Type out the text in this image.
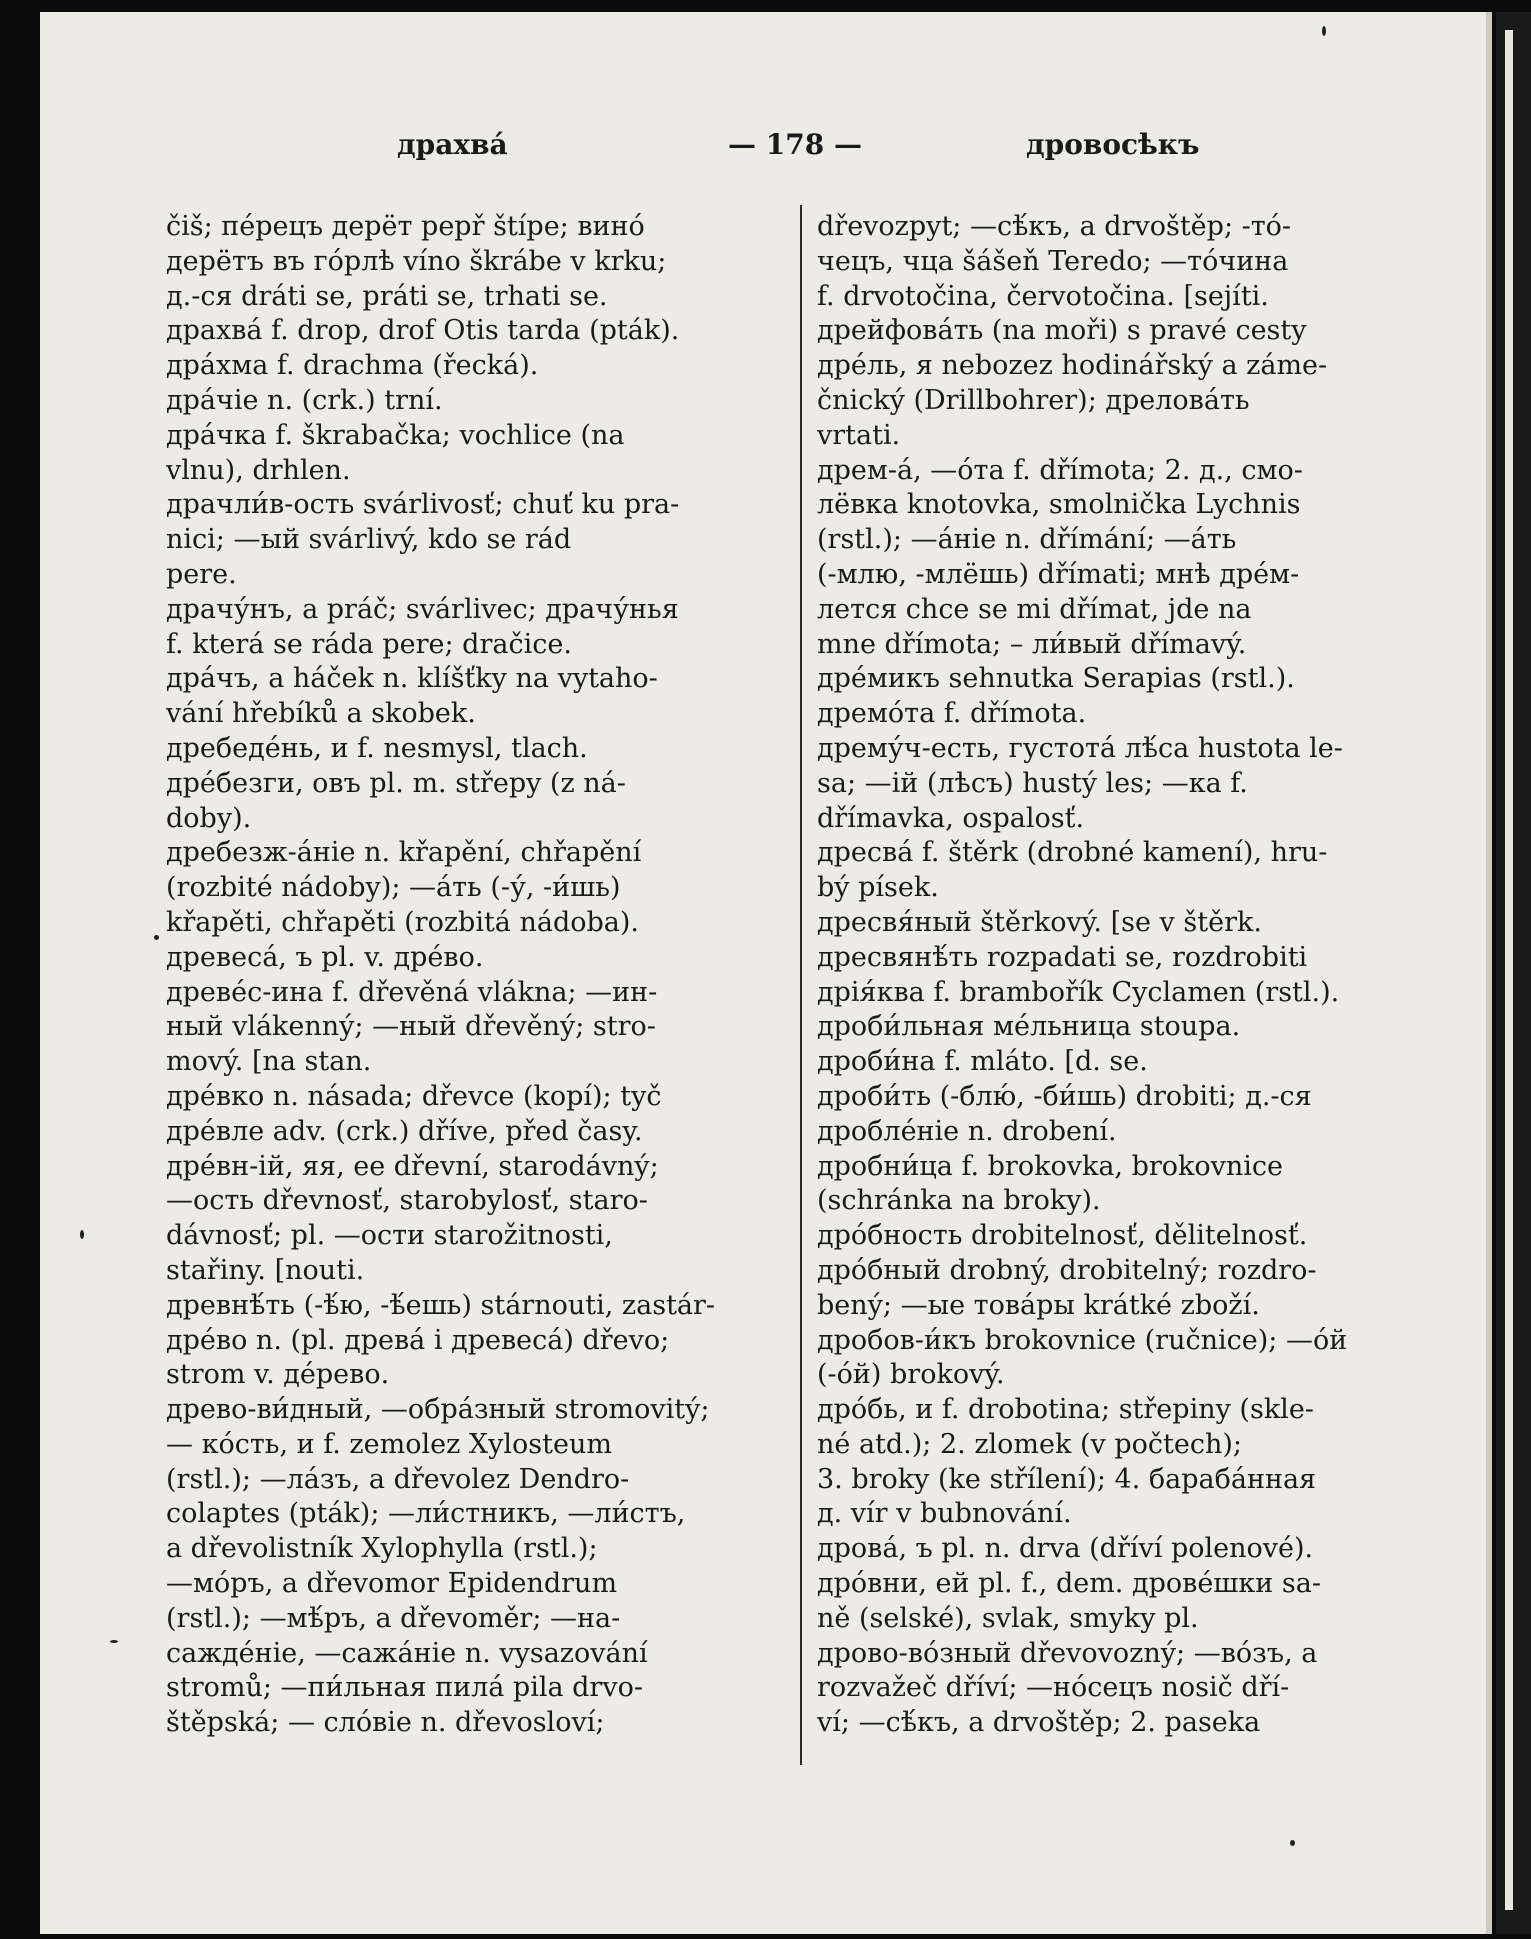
драхвá	— 178 —	дровосѣкъ
čiš; пе́рецъ дерёт pepř štípe; вино́
дерётъ въ го́рлѣ víno škrábe v krku;
д.-ся dráti se, práti se, trhati se.
драхва́ f. drop, drof Otis tarda (pták).
дра́хма f. drachma (řecká).
дра́чіе n. (crk.) trní.
дра́чка f. škrabačka; vochlice (na
vlnu), drhlen.
драчли́в-ость svárlivosť; chuť ku pra-
nici; —ый svárlivý, kdo se rád
pere.
драчу́нъ, a práč; svárlivec; драчу́нья
f. která se ráda pere; dračice.
дра́чъ, a háček n. klíšťky na vytaho-
vání hřebíků a skobek.
дребеде́нь, и f. nesmysl, tlach.
дре́безги, овъ pl. m. střepy (z ná-
doby).
дребезж-а́ніе n. křapění, chřapění
(rozbité nádoby); —а́ть (-у́, -и́шь)
křapěti, chřapěti (rozbitá nádoba).
древеса́, ъ pl. v. дре́во.
древе́с-ина f. dřevěná vlákna; —ин-
ный vlákenný; —ный dřevěný; stro-
mový. [na stan.
дре́вко n. násada; dřevce (kopí); tyč
дре́вле adv. (crk.) dříve, před časy.
дре́вн-ій, яя, ее dřevní, starodávný;
—ость dřevnosť, starobylosť, staro-
dávnosť; pl. —ости starožitnosti,
stařiny. [nouti.
древнѣ́ть (-ѣ́ю, -ѣ́ешь) stárnouti, zastár-
дре́во n. (pl. древа́ i древеса́) dřevo;
strom v. де́рево.
древо-ви́дный, —обра́зный stromovitý;
— ко́сть, и f. zemolez Xylosteum
(rstl.); —ла́зъ, a dřevolez Dendro-
colaptes (pták); —ли́стникъ, —ли́стъ,
a dřevolistník Xylophylla (rstl.);
—мо́ръ, a dřevomor Epidendrum
(rstl.); —мѣ́ръ, a dřevoměr; —на-
сажде́ніе, —сажа́ніе n. vysazování
stromů; —пи́льная пила́ pila drvo-
štěpská; — сло́віе n. dřevosloví;
dřevozpyt; —сѣ́къ, a drvoštěp; -то́-
чецъ, чца šášeň Teredo; —то́чина
f. drvotočina, červotočina. [sejíti.
дрейфова́ть (na moři) s pravé cesty
дре́ль, я nebozez hodinářský a záme-
čnický (Drillbohrer); дрелова́ть
vrtati.
дрем-а́, —о́та f. dřímota; 2. д., смо-
лёвка knotovka, smolnička Lychnis
(rstl.); —а́ніе n. dřímání; —а́ть
(-млю, -млёшь) dřímati; мнѣ дре́м-
лется chce se mi dřímat, jde na
mne dřímota; – ли́вый dřímavý.
дре́микъ sehnutka Serapias (rstl.).
дремо́та f. dřímota.
дрему́ч-есть, густота́ лѣ́са hustota le-
sa; —ій (лѣсъ) hustý les; —ка f.
dřímavka, ospalosť.
дресва́ f. štěrk (drobné kamení), hru-
bý písek.
дресвя́ный štěrkový. [se v štěrk.
дресвянѣ́ть rozpadati se, rozdrobiti
дрія́ква f. brambořík Cyclamen (rstl.).
дроби́льная ме́льница stoupa.
дроби́на f. mláto. [d. se.
дроби́ть (-блю́, -би́шь) drobiti; д.-ся
дробле́ніе n. drobení.
дробни́ца f. brokovka, brokovnice
(schránka na broky).
дро́бность drobitelnosť, dělitelnosť.
дро́бный drobný, drobitelný; rozdro-
bený; —ые това́ры krátké zboží.
дробов-и́къ brokovnice (ručnice); —о́й
(-о́й) brokový.
дро́бь, и f. drobotina; střepiny (skle-
né atd.); 2. zlomek (v počtech);
3. broky (ke střílení); 4. бараба́нная
д. vír v bubnování.
дрова́, ъ pl. n. drva (dříví polenové).
дро́вни, ей pl. f., dem. дрове́шки sa-
ně (selské), svlak, smyky pl.
дрово-во́зный dřevovozný; —во́зъ, a
rozvažeč dříví; —но́сецъ nosič dří-
ví; —сѣ́къ, a drvoštěp; 2. paseka
